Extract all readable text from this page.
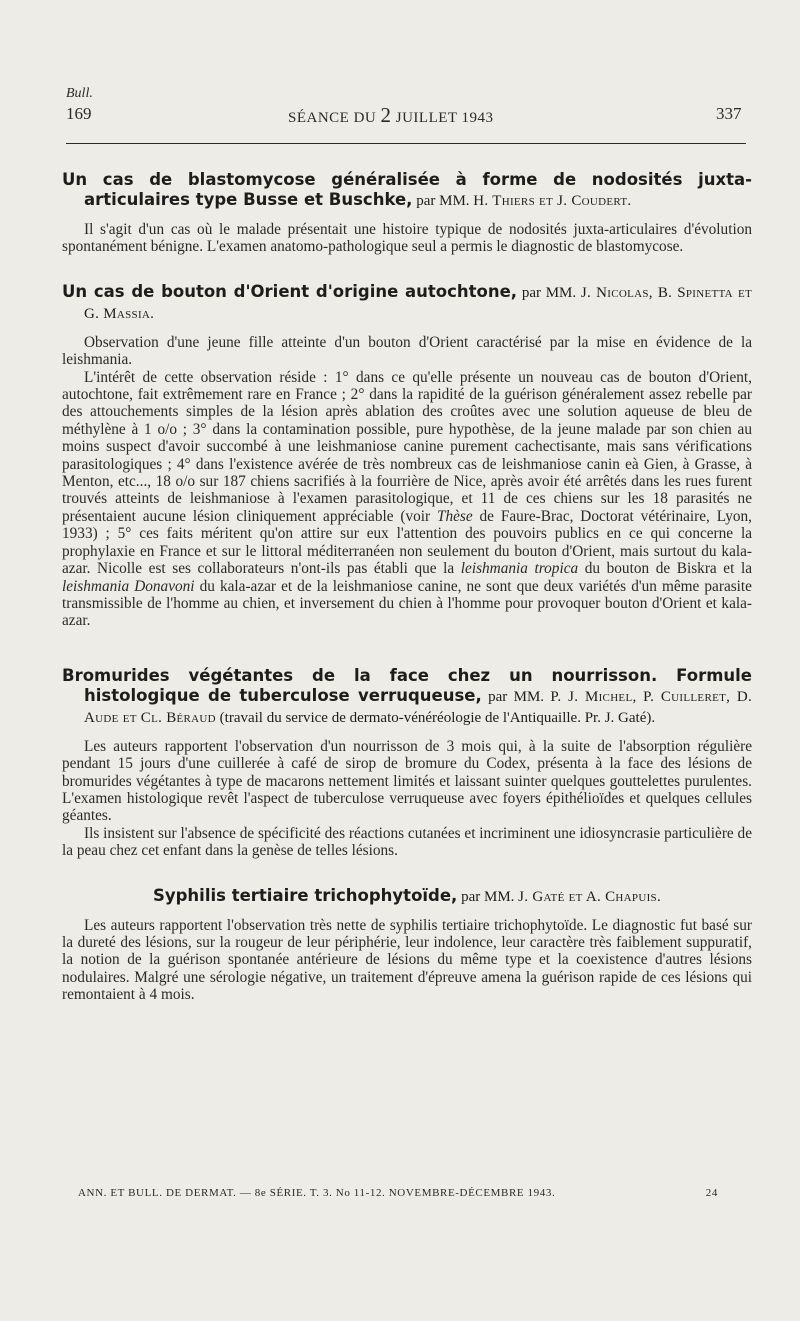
Bull.
169	SÉANCE DU 2 JUILLET 1943	337
Un cas de blastomycose généralisée à forme de nodosités juxta-articulaires type Busse et Buschke, par MM. H. Thiers et J. Coudert.

Il s'agit d'un cas où le malade présentait une histoire typique de nodosités juxta-articulaires d'évolution spontanément bénigne. L'examen anatomo-pathologique seul a permis le diagnostic de blastomycose.

Un cas de bouton d'Orient d'origine autochtone, par MM. J. Nicolas, B. Spinetta et G. Massia.

Observation d'une jeune fille atteinte d'un bouton d'Orient caractérisé par la mise en évidence de la leishmania.

L'intérêt de cette observation réside : 1° dans ce qu'elle présente un nouveau cas de bouton d'Orient, autochtone, fait extrêmement rare en France ; 2° dans la rapidité de la guérison généralement assez rebelle par des attouchements simples de la lésion après ablation des croûtes avec une solution aqueuse de bleu de méthylène à 1 o/o ; 3° dans la contamination possible, pure hypothèse, de la jeune malade par son chien au moins suspect d'avoir succombé à une leishmaniose canine purement cachectisante, mais sans vérifications parasitologiques ; 4° dans l'existence avérée de très nombreux cas de leishmaniose canin eà Gien, à Grasse, à Menton, etc..., 18 o/o sur 187 chiens sacrifiés à la fourrière de Nice, après avoir été arrêtés dans les rues furent trouvés atteints de leishmaniose à l'examen parasitologique, et 11 de ces chiens sur les 18 parasités ne présentaient aucune lésion cliniquement appréciable (voir Thèse de Faure-Brac, Doctorat vétérinaire, Lyon, 1933) ; 5° ces faits méritent qu'on attire sur eux l'attention des pouvoirs publics en ce qui concerne la prophylaxie en France et sur le littoral méditerranéen non seulement du bouton d'Orient, mais surtout du kala-azar. Nicolle est ses collaborateurs n'ont-ils pas établi que la leishmania tropica du bouton de Biskra et la leishmania Donavoni du kala-azar et de la leishmaniose canine, ne sont que deux variétés d'un même parasite transmissible de l'homme au chien, et inversement du chien à l'homme pour provoquer bouton d'Orient et kala-azar.

Bromurides végétantes de la face chez un nourrisson. Formule histologique de tuberculose verruqueuse, par MM. P. J. Michel, P. Cuilleret, D. Aude et Cl. Béraud (travail du service de dermato-vénéréologie de l'Antiquaille. Pr. J. Gaté).

Les auteurs rapportent l'observation d'un nourrisson de 3 mois qui, à la suite de l'absorption régulière pendant 15 jours d'une cuillerée à café de sirop de bromure du Codex, présenta à la face des lésions de bromurides végétantes à type de macarons nettement limités et laissant suinter quelques gouttelettes purulentes. L'examen histologique revêt l'aspect de tuberculose verruqueuse avec foyers épithélioïdes et quelques cellules géantes.

Ils insistent sur l'absence de spécificité des réactions cutanées et incriminent une idiosyncrasie particulière de la peau chez cet enfant dans la genèse de telles lésions.

Syphilis tertiaire trichophytoïde, par MM. J. Gaté et A. Chapuis.

Les auteurs rapportent l'observation très nette de syphilis tertiaire trichophytoïde. Le diagnostic fut basé sur la dureté des lésions, sur la rougeur de leur périphérie, leur indolence, leur caractère très faiblement suppuratif, la notion de la guérison spontanée antérieure de lésions du même type et la coexistence d'autres lésions nodulaires. Malgré une sérologie négative, un traitement d'épreuve amena la guérison rapide de ces lésions qui remontaient à 4 mois.

ANN. ET BULL. DE DERMAT. — 8e SÉRIE. T. 3. No 11-12. NOVEMBRE-DÉCEMBRE 1943.	24
